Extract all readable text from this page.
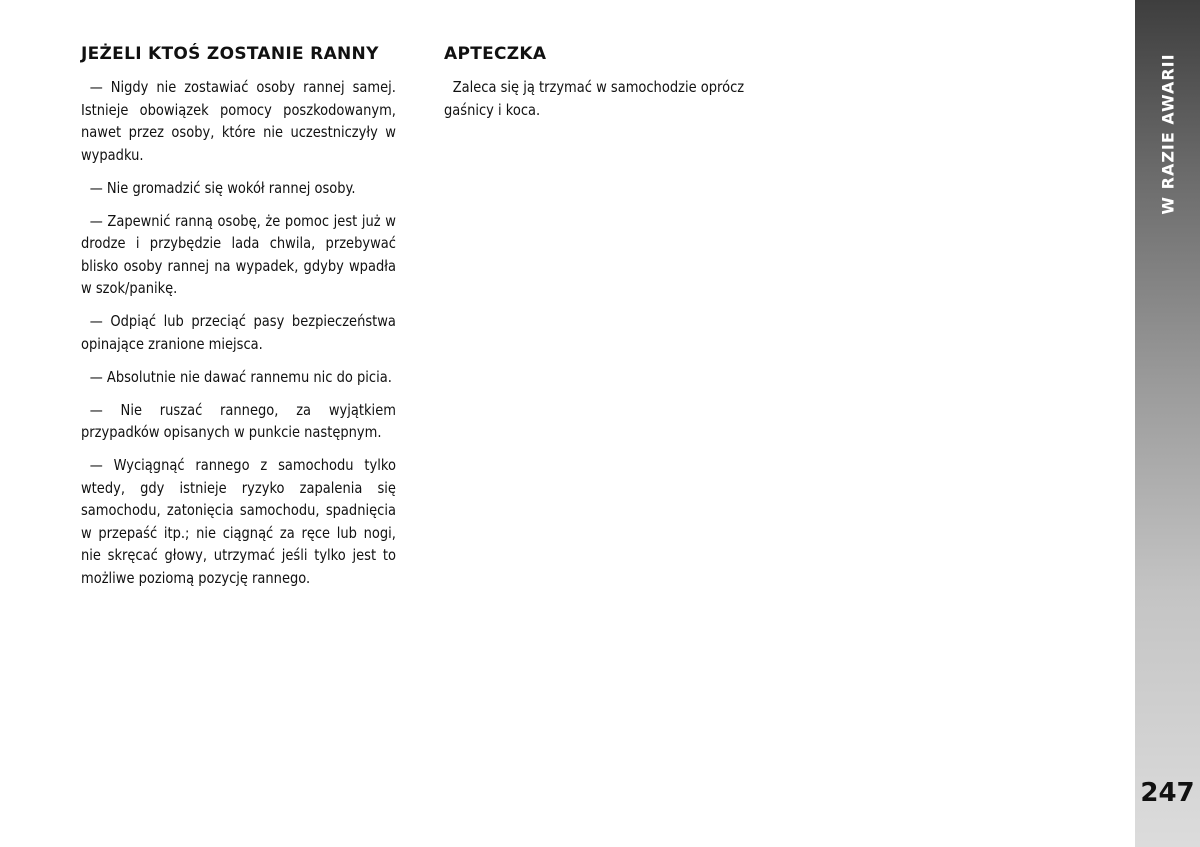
JEŻELI KTOŚ ZOSTANIE RANNY

— Nigdy nie zostawiać osoby rannej samej. Istnieje obowiązek pomocy poszkodowanym, nawet przez osoby, które nie uczestniczyły w wypadku.

— Nie gromadzić się wokół rannej osoby.

— Zapewnić ranną osobę, że pomoc jest już w drodze i przybędzie lada chwila, przebywać blisko osoby rannej na wypadek, gdyby wpadła w szok/panikę.

— Odpiąć lub przeciąć pasy bezpieczeństwa opinające zranione miejsca.

— Absolutnie nie dawać rannemu nic do picia.

— Nie ruszać rannego, za wyjątkiem przypadków opisanych w punkcie następnym.

— Wyciągnąć rannego z samochodu tylko wtedy, gdy istnieje ryzyko zapalenia się samochodu, zatonięcia samochodu, spadnięcia w przepaść itp.; nie ciągnąć za ręce lub nogi, nie skręcać głowy, utrzymać jeśli tylko jest to możliwe poziomą pozycję rannego.

APTECZKA

Zaleca się ją trzymać w samochodzie oprócz gaśnicy i koca.	W RAZIE AWARII
247
